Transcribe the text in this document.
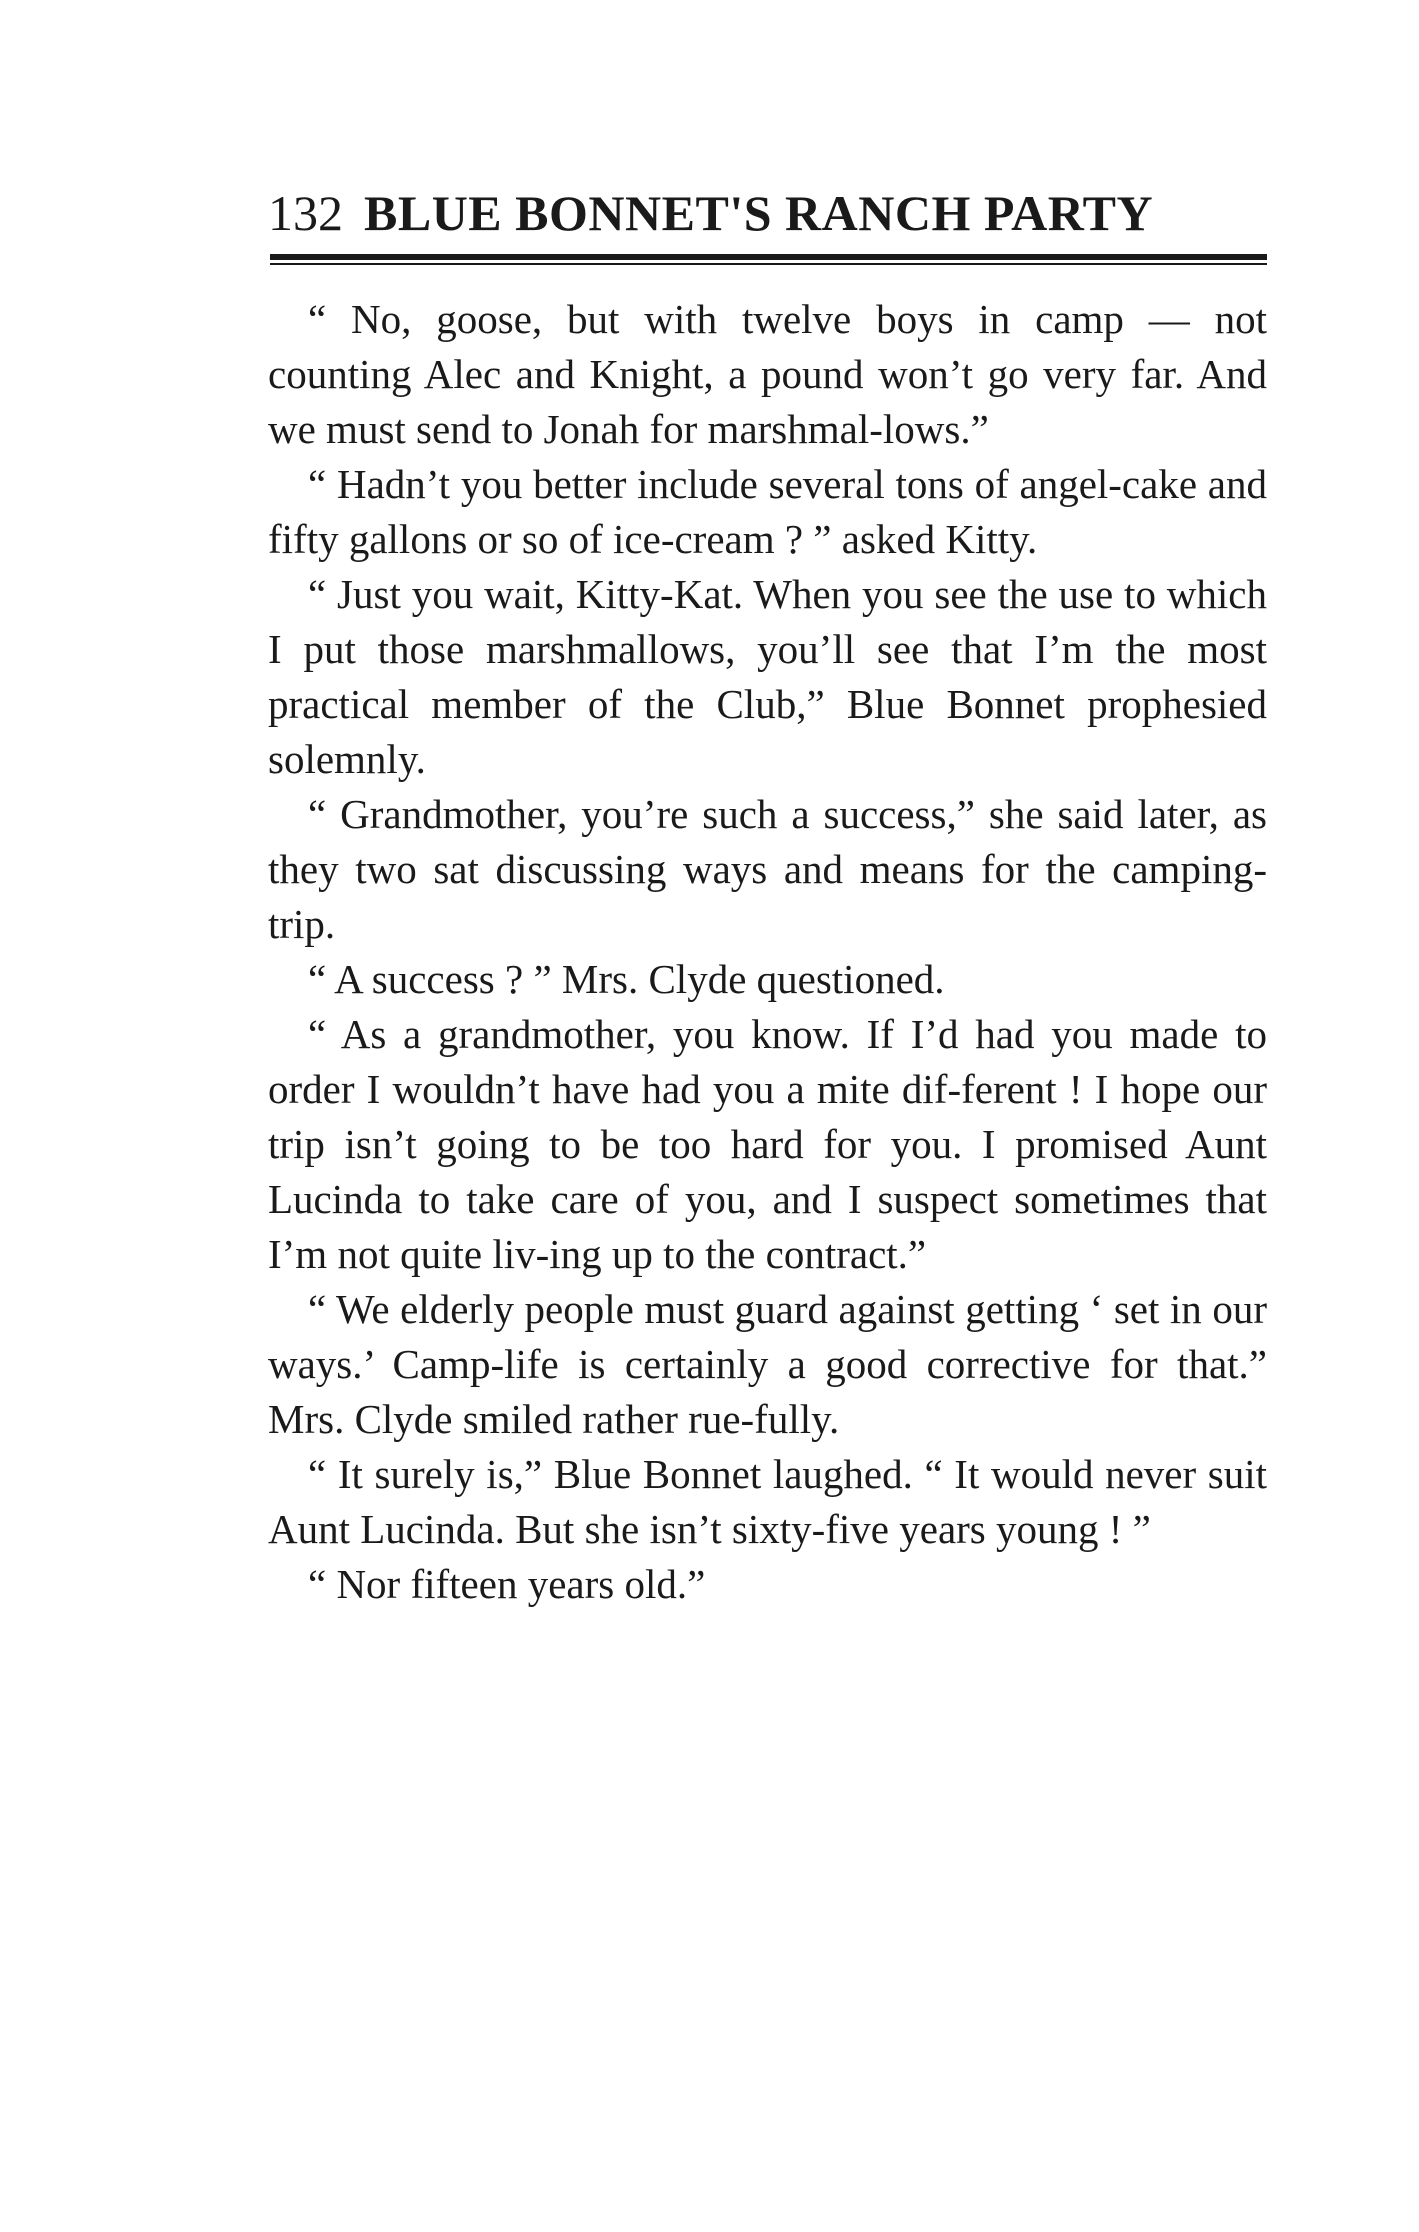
132 BLUE BONNET'S RANCH PARTY

“ No, goose, but with twelve boys in camp — not counting Alec and Knight, a pound won’t go very far. And we must send to Jonah for marshmal-lows.”

“ Hadn’t you better include several tons of angel-cake and fifty gallons or so of ice-cream ? ” asked Kitty.

“ Just you wait, Kitty-Kat. When you see the use to which I put those marshmallows, you’ll see that I’m the most practical member of the Club,” Blue Bonnet prophesied solemnly.

“ Grandmother, you’re such a success,” she said later, as they two sat discussing ways and means for the camping-trip.

“ A success ? ” Mrs. Clyde questioned.

“ As a grandmother, you know. If I’d had you made to order I wouldn’t have had you a mite dif-ferent ! I hope our trip isn’t going to be too hard for you. I promised Aunt Lucinda to take care of you, and I suspect sometimes that I’m not quite liv-ing up to the contract.”

“ We elderly people must guard against getting ‘ set in our ways.’ Camp-life is certainly a good corrective for that.” Mrs. Clyde smiled rather rue-fully.

“ It surely is,” Blue Bonnet laughed. “ It would never suit Aunt Lucinda. But she isn’t sixty-five years young ! ”

“ Nor fifteen years old.”
